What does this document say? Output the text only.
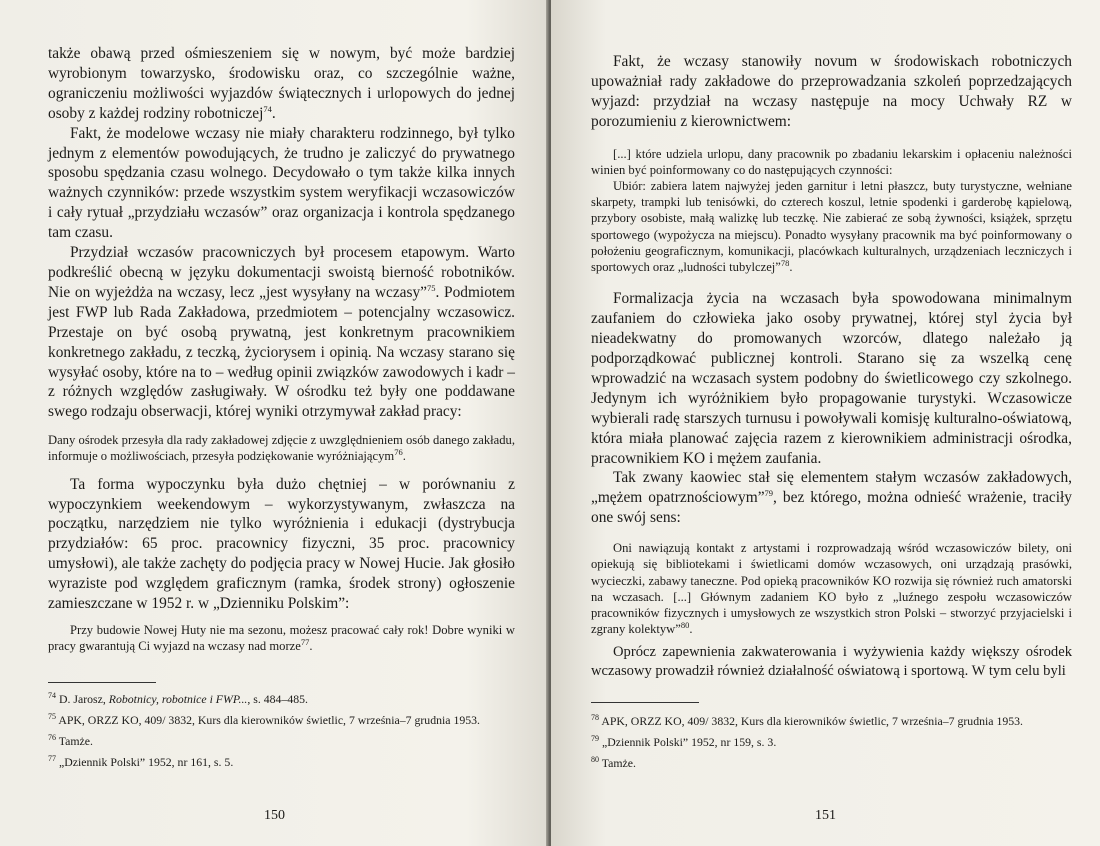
także obawą przed ośmieszeniem się w nowym, być może bardziej wyrobionym towarzysko, środowisku oraz, co szczególnie ważne, ograniczeniu możliwości wyjazdów świątecznych i urlopowych do jednej osoby z każdej rodziny robotniczej$^{74}$.

Fakt, że modelowe wczasy nie miały charakteru rodzinnego, był tylko jednym z elementów powodujących, że trudno je zaliczyć do prywatnego sposobu spędzania czasu wolnego. Decydowało o tym także kilka innych ważnych czynników: przede wszystkim system weryfikacji wczasowiczów i cały rytuał „przydziału wczasów” oraz organizacja i kontrola spędzanego tam czasu.

Przydział wczasów pracowniczych był procesem etapowym. Warto podkreślić obecną w języku dokumentacji swoistą bierność robotników. Nie on wyjeżdża na wczasy, lecz „jest wysyłany na wczasy”$^{75}$. Podmiotem jest FWP lub Rada Zakładowa, przedmiotem – potencjalny wczasowicz. Przestaje on być osobą prywatną, jest konkretnym pracownikiem konkretnego zakładu, z teczką, życiorysem i opinią. Na wczasy starano się wysyłać osoby, które na to – według opinii związków zawodowych i kadr – z różnych względów zasługiwały. W ośrodku też były one poddawane swego rodzaju obserwacji, której wyniki otrzymywał zakład pracy:

Dany ośrodek przesyła dla rady zakładowej zdjęcie z uwzględnieniem osób danego zakładu, informuje o możliwościach, przesyła podziękowanie wyróżniającym$^{76}$.

Ta forma wypoczynku była dużo chętniej – w porównaniu z wypoczynkiem weekendowym – wykorzystywanym, zwłaszcza na początku, narzędziem nie tylko wyróżnienia i edukacji (dystrybucja przydziałów: 65 proc. pracownicy fizyczni, 35 proc. pracownicy umysłowi), ale także zachęty do podjęcia pracy w Nowej Hucie. Jak głosiło wyraziste pod względem graficznym (ramka, środek strony) ogłoszenie zamieszczane w 1952 r. w „Dzienniku Polskim”:

Przy budowie Nowej Huty nie ma sezonu, możesz pracować cały rok! Dobre wyniki w pracy gwarantują Ci wyjazd na wczasy nad morze$^{77}$.

$^{74}$ D. Jarosz, Robotnicy, robotnice i FWP..., s. 484–485.

$^{75}$ APK, ORZZ KO, 409/ 3832, Kurs dla kierowników świetlic, 7 września–7 grudnia 1953.

$^{76}$ Tamże.

$^{77}$ „Dziennik Polski” 1952, nr 161, s. 5.

150

Fakt, że wczasy stanowiły novum w środowiskach robotniczych upoważniał rady zakładowe do przeprowadzania szkoleń poprzedzających wyjazd: przydział na wczasy następuje na mocy Uchwały RZ w porozumieniu z kierownictwem:

[...] które udziela urlopu, dany pracownik po zbadaniu lekarskim i opłaceniu należności winien być poinformowany co do następujących czynności:

Ubiór: zabiera latem najwyżej jeden garnitur i letni płaszcz, buty turystyczne, wełniane skarpety, trampki lub tenisówki, do czterech koszul, letnie spodenki i garderobę kąpielową, przybory osobiste, małą walizkę lub teczkę. Nie zabierać ze sobą żywności, książek, sprzętu sportowego (wypożycza na miejscu). Ponadto wysyłany pracownik ma być poinformowany o położeniu geograficznym, komunikacji, placówkach kulturalnych, urządzeniach leczniczych i sportowych oraz „ludności tubylczej”$^{78}$.

Formalizacja życia na wczasach była spowodowana minimalnym zaufaniem do człowieka jako osoby prywatnej, której styl życia był nieadekwatny do promowanych wzorców, dlatego należało ją podporządkować publicznej kontroli. Starano się za wszelką cenę wprowadzić na wczasach system podobny do świetlicowego czy szkolnego. Jedynym ich wyróżnikiem było propagowanie turystyki. Wczasowicze wybierali radę starszych turnusu i powoływali komisję kulturalno-oświatową, która miała planować zajęcia razem z kierownikiem administracji ośrodka, pracownikiem KO i mężem zaufania.

Tak zwany kaowiec stał się elementem stałym wczasów zakładowych, „mężem opatrznościowym”$^{79}$, bez którego, można odnieść wrażenie, traciły one swój sens:

Oni nawiązują kontakt z artystami i rozprowadzają wśród wczasowiczów bilety, oni opiekują się bibliotekami i świetlicami domów wczasowych, oni urządzają prasówki, wycieczki, zabawy taneczne. Pod opieką pracowników KO rozwija się również ruch amatorski na wczasach. [...] Głównym zadaniem KO było z „luźnego zespołu wczasowiczów pracowników fizycznych i umysłowych ze wszystkich stron Polski – stworzyć przyjacielski i zgrany kolektyw”$^{80}$.

Oprócz zapewnienia zakwaterowania i wyżywienia każdy większy ośrodek wczasowy prowadził również działalność oświatową i sportową. W tym celu byli

$^{78}$ APK, ORZZ KO, 409/ 3832, Kurs dla kierowników świetlic, 7 września–7 grudnia 1953.

$^{79}$ „Dziennik Polski” 1952, nr 159, s. 3.

$^{80}$ Tamże.

151
